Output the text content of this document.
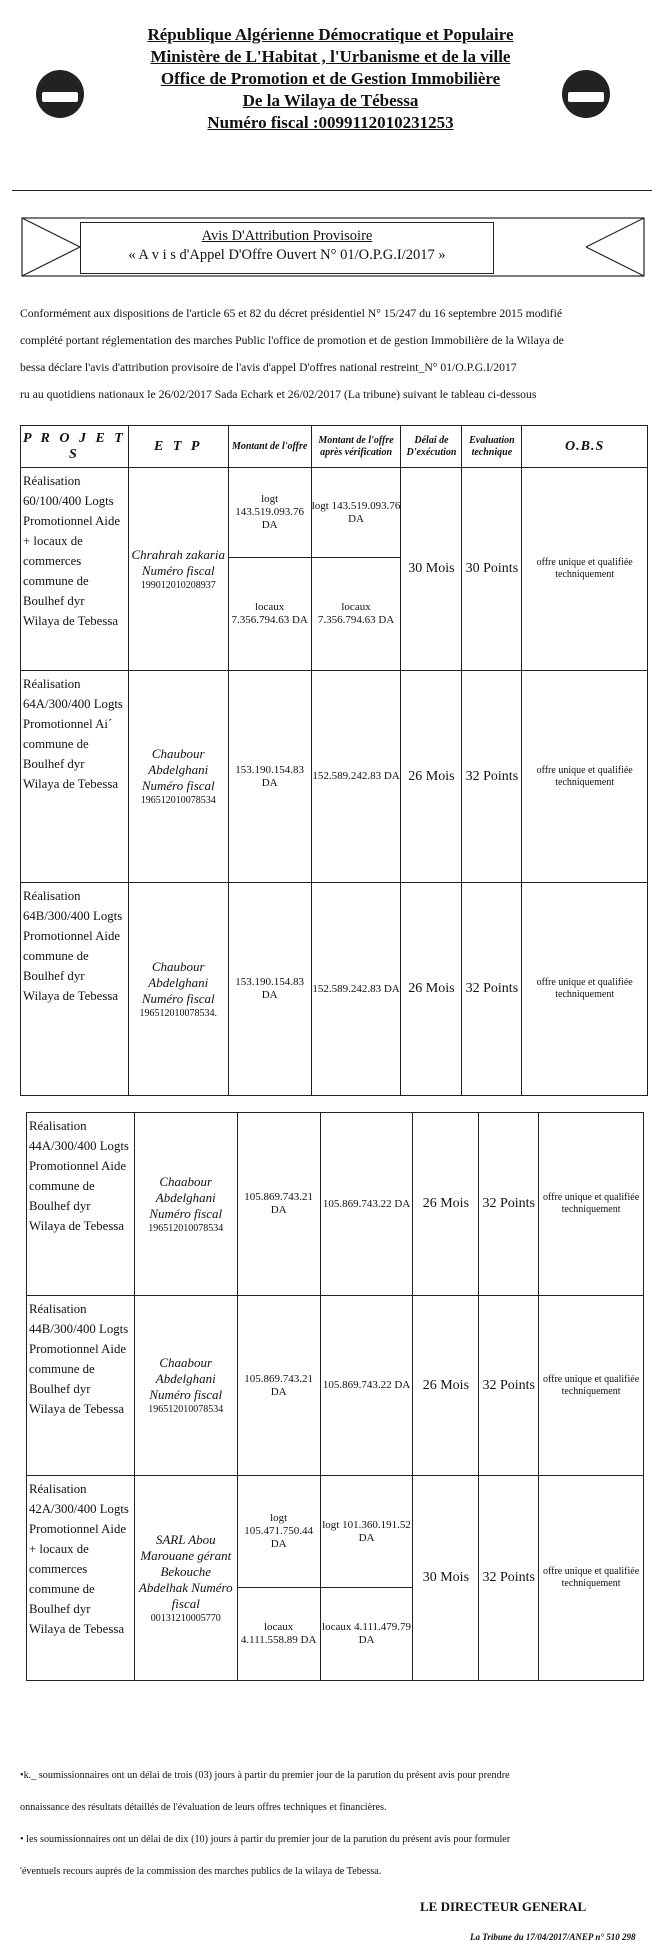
République Algérienne Démocratique et Populaire
Ministère de L'Habitat , l'Urbanisme et de la ville
Office de Promotion et de Gestion Immobilière
De la Wilaya de Tébessa
Numéro fiscal :0099112010231253
Avis D'Attribution Provisoire
« A v i s d'Appel D'Offre Ouvert N° 01/O.P.G.I/2017 »

Conformément aux dispositions de l'article 65 et 82 du décret présidentiel N° 15/247 du 16 septembre 2015 modifié

complété portant réglementation des marches Public l'office de promotion et de gestion Immobilière de la Wilaya de

bessa déclare l'avis d'attribution provisoire de l'avis d'appel D'offres national restreint_N° 01/O.P.G.I/2017

ru au quotidiens nationaux le 26/02/2017 Sada Echark et 26/02/2017 (La tribune) suivant le tableau ci-dessous

P R O J E T S	E T P	Montant de l'offre	Montant de l'offre après vérification	Délai de D'exécution	Evaluation technique	O.B.S
Réalisation 60/100/400 Logts Promotionnel Aide + locaux de commerces commune de Boulhef dyr Wilaya de Tebessa	Chrahrah zakaria Numéro fiscal
199012010208937	logt 143.519.093.76 DA	logt 143.519.093.76 DA	30 Mois	30 Points	offre unique et qualifiée techniquement
		locaux 7.356.794.63 DA	locaux 7.356.794.63 DA			
Réalisation 64A/300/400 Logts Promotionnel Ai´ commune de Boulhef dyr Wilaya de Tebessa	Chaubour Abdelghani Numéro fiscal
196512010078534	153.190.154.83 DA	152.589.242.83 DA	26 Mois	32 Points	offre unique et qualifiée techniquement
Réalisation 64B/300/400 Logts Promotionnel Aide commune de Boulhef dyr Wilaya de Tebessa	Chaubour Abdelghani Numéro fiscal
196512010078534.	153.190.154.83 DA	152.589.242.83 DA	26 Mois	32 Points	offre unique et qualifiée techniquement
Réalisation 44A/300/400 Logts Promotionnel Aide commune de Boulhef dyr Wilaya de Tebessa	Chaabour Abdelghani Numéro fiscal
196512010078534	105.869.743.21 DA	105.869.743.22 DA	26 Mois	32 Points	offre unique et qualifiée techniquement
Réalisation 44B/300/400 Logts Promotionnel Aide commune de Boulhef dyr Wilaya de Tebessa	Chaabour Abdelghani Numéro fiscal
196512010078534	105.869.743.21 DA	105.869.743.22 DA	26 Mois	32 Points	offre unique et qualifiée techniquement
Réalisation 42A/300/400 Logts Promotionnel Aide + locaux de commerces commune de Boulhef dyr Wilaya de Tebessa	SARL Abou Marouane gérant Bekouche Abdelhak Numéro fiscal
00131210005770	logt 105.471.750.44 DA	logt 101.360.191.52 DA	30 Mois	32 Points	offre unique et qualifiée techniquement
		locaux 4.111.558.89 DA	locaux 4.111.479.79 DA			

•k._ soumissionnaires ont un délai de trois (03) jours à partir du premier jour de la parution du présent avis pour prendre

onnaissance des résultats détaillés de l'évaluation de leurs offres techniques et financières.

• les soumissionnaires ont un délai de dix (10) jours à partir du premier jour de la parution du présent avis pour formuler

'éventuels recours auprès de la commission des marches publics de la wilaya de Tebessa.

LE DIRECTEUR GENERAL
La Tribune du 17/04/2017/ANEP n° 510 298
